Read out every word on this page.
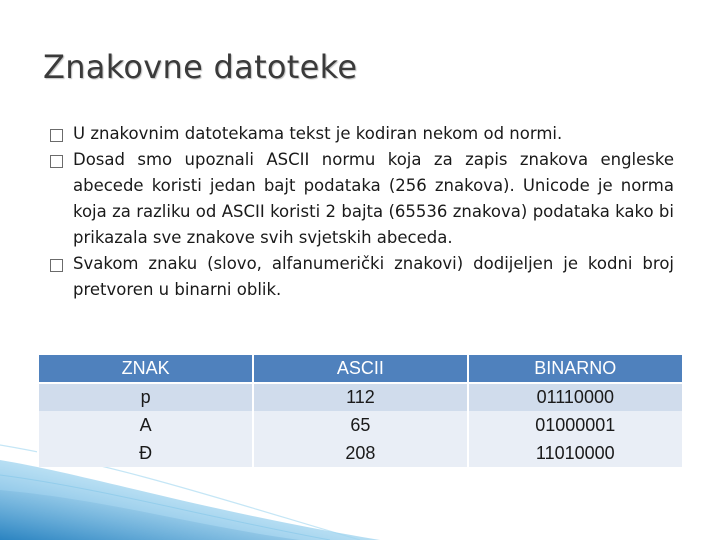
Znakovne datoteke
U znakovnim datotekama tekst je kodiran nekom od normi.
Dosad smo upoznali ASCII normu koja za zapis znakova engleske abecede koristi jedan bajt podataka (256 znakova). Unicode je norma koja za razliku od ASCII koristi 2 bajta (65536 znakova) podataka kako bi prikazala sve znakove svih svjetskih abeceda.
Svakom znaku (slovo, alfanumerički znakovi) dodijeljen je kodni broj pretvoren u binarni oblik.
ZNAK	ASCII	BINARNO
p	112	01110000
A	65	01000001
Đ	208	11010000
